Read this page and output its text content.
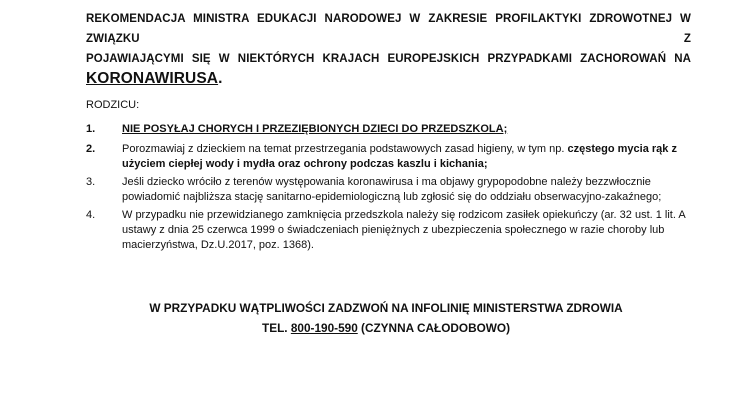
REKOMENDACJA MINISTRA EDUKACJI NARODOWEJ W ZAKRESIE PROFILAKTYKI ZDROWOTNEJ W ZWIĄZKU Z
POJAWIAJĄCYMI SIĘ W NIEKTÓRYCH KRAJACH EUROPEJSKICH PRZYPADKAMI ZACHOROWAŃ NA
KORONAWIRUSA.
RODZICU:
1. NIE POSYŁAJ CHORYCH I PRZEZIĘBIONYCH DZIECI DO PRZEDSZKOLA;
2. Porozmawiaj z dzieckiem na temat przestrzegania podstawowych zasad higieny, w tym np. częstego mycia rąk z użyciem ciepłej wody i mydła oraz ochrony podczas kaszlu i kichania;
3. Jeśli dziecko wróciło z terenów występowania koronawirusa i ma objawy grypopodobne należy bezzwłocznie powiadomić najbliższa stację sanitarno-epidemiologiczną lub zgłosić się do oddziału obserwacyjno-zakaźnego;
4. W przypadku nie przewidzianego zamknięcia przedszkola należy się rodzicom zasiłek opiekuńczy (ar. 32 ust. 1 lit. A ustawy z dnia 25 czerwca 1999 o świadczeniach pieniężnych z ubezpieczenia społecznego w razie choroby lub macierzyństwa, Dz.U.2017, poz. 1368).
W PRZYPADKU WĄTPLIWOŚCI ZADZWOŃ NA INFOLINIĘ MINISTERSTWA ZDROWIA
TEL. 800-190-590 (CZYNNA CAŁODOBOWO)
